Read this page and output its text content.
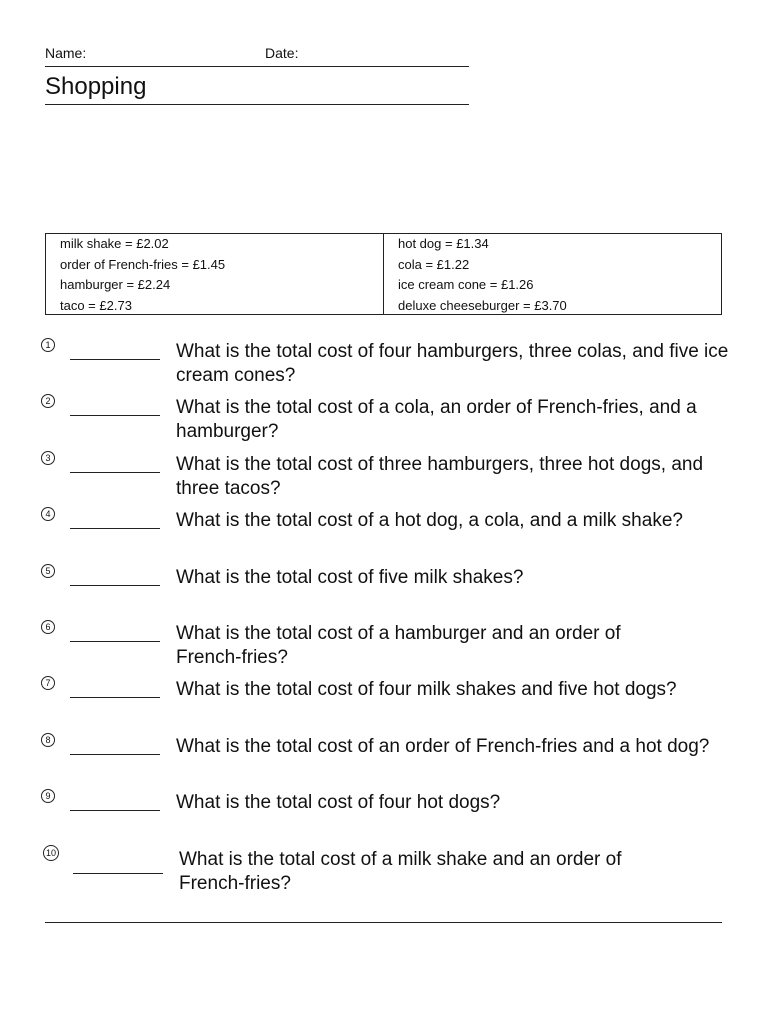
Name:	Date:
Shopping
milk shake = £2.02
order of French-fries = £1.45
hamburger = £2.24
taco = £2.73
hot dog = £1.34
cola = £1.22
ice cream cone = £1.26
deluxe cheeseburger = £3.70
1	What is the total cost of four hamburgers, three colas, and five ice cream cones?
2	What is the total cost of a cola, an order of French-fries, and a hamburger?
3	What is the total cost of three hamburgers, three hot dogs, and three tacos?
4	What is the total cost of a hot dog, a cola, and a milk shake?
5	What is the total cost of five milk shakes?
6	What is the total cost of a hamburger and an order of French-fries?
7	What is the total cost of four milk shakes and five hot dogs?
8	What is the total cost of an order of French-fries and a hot dog?
9	What is the total cost of four hot dogs?
10	What is the total cost of a milk shake and an order of French-fries?
